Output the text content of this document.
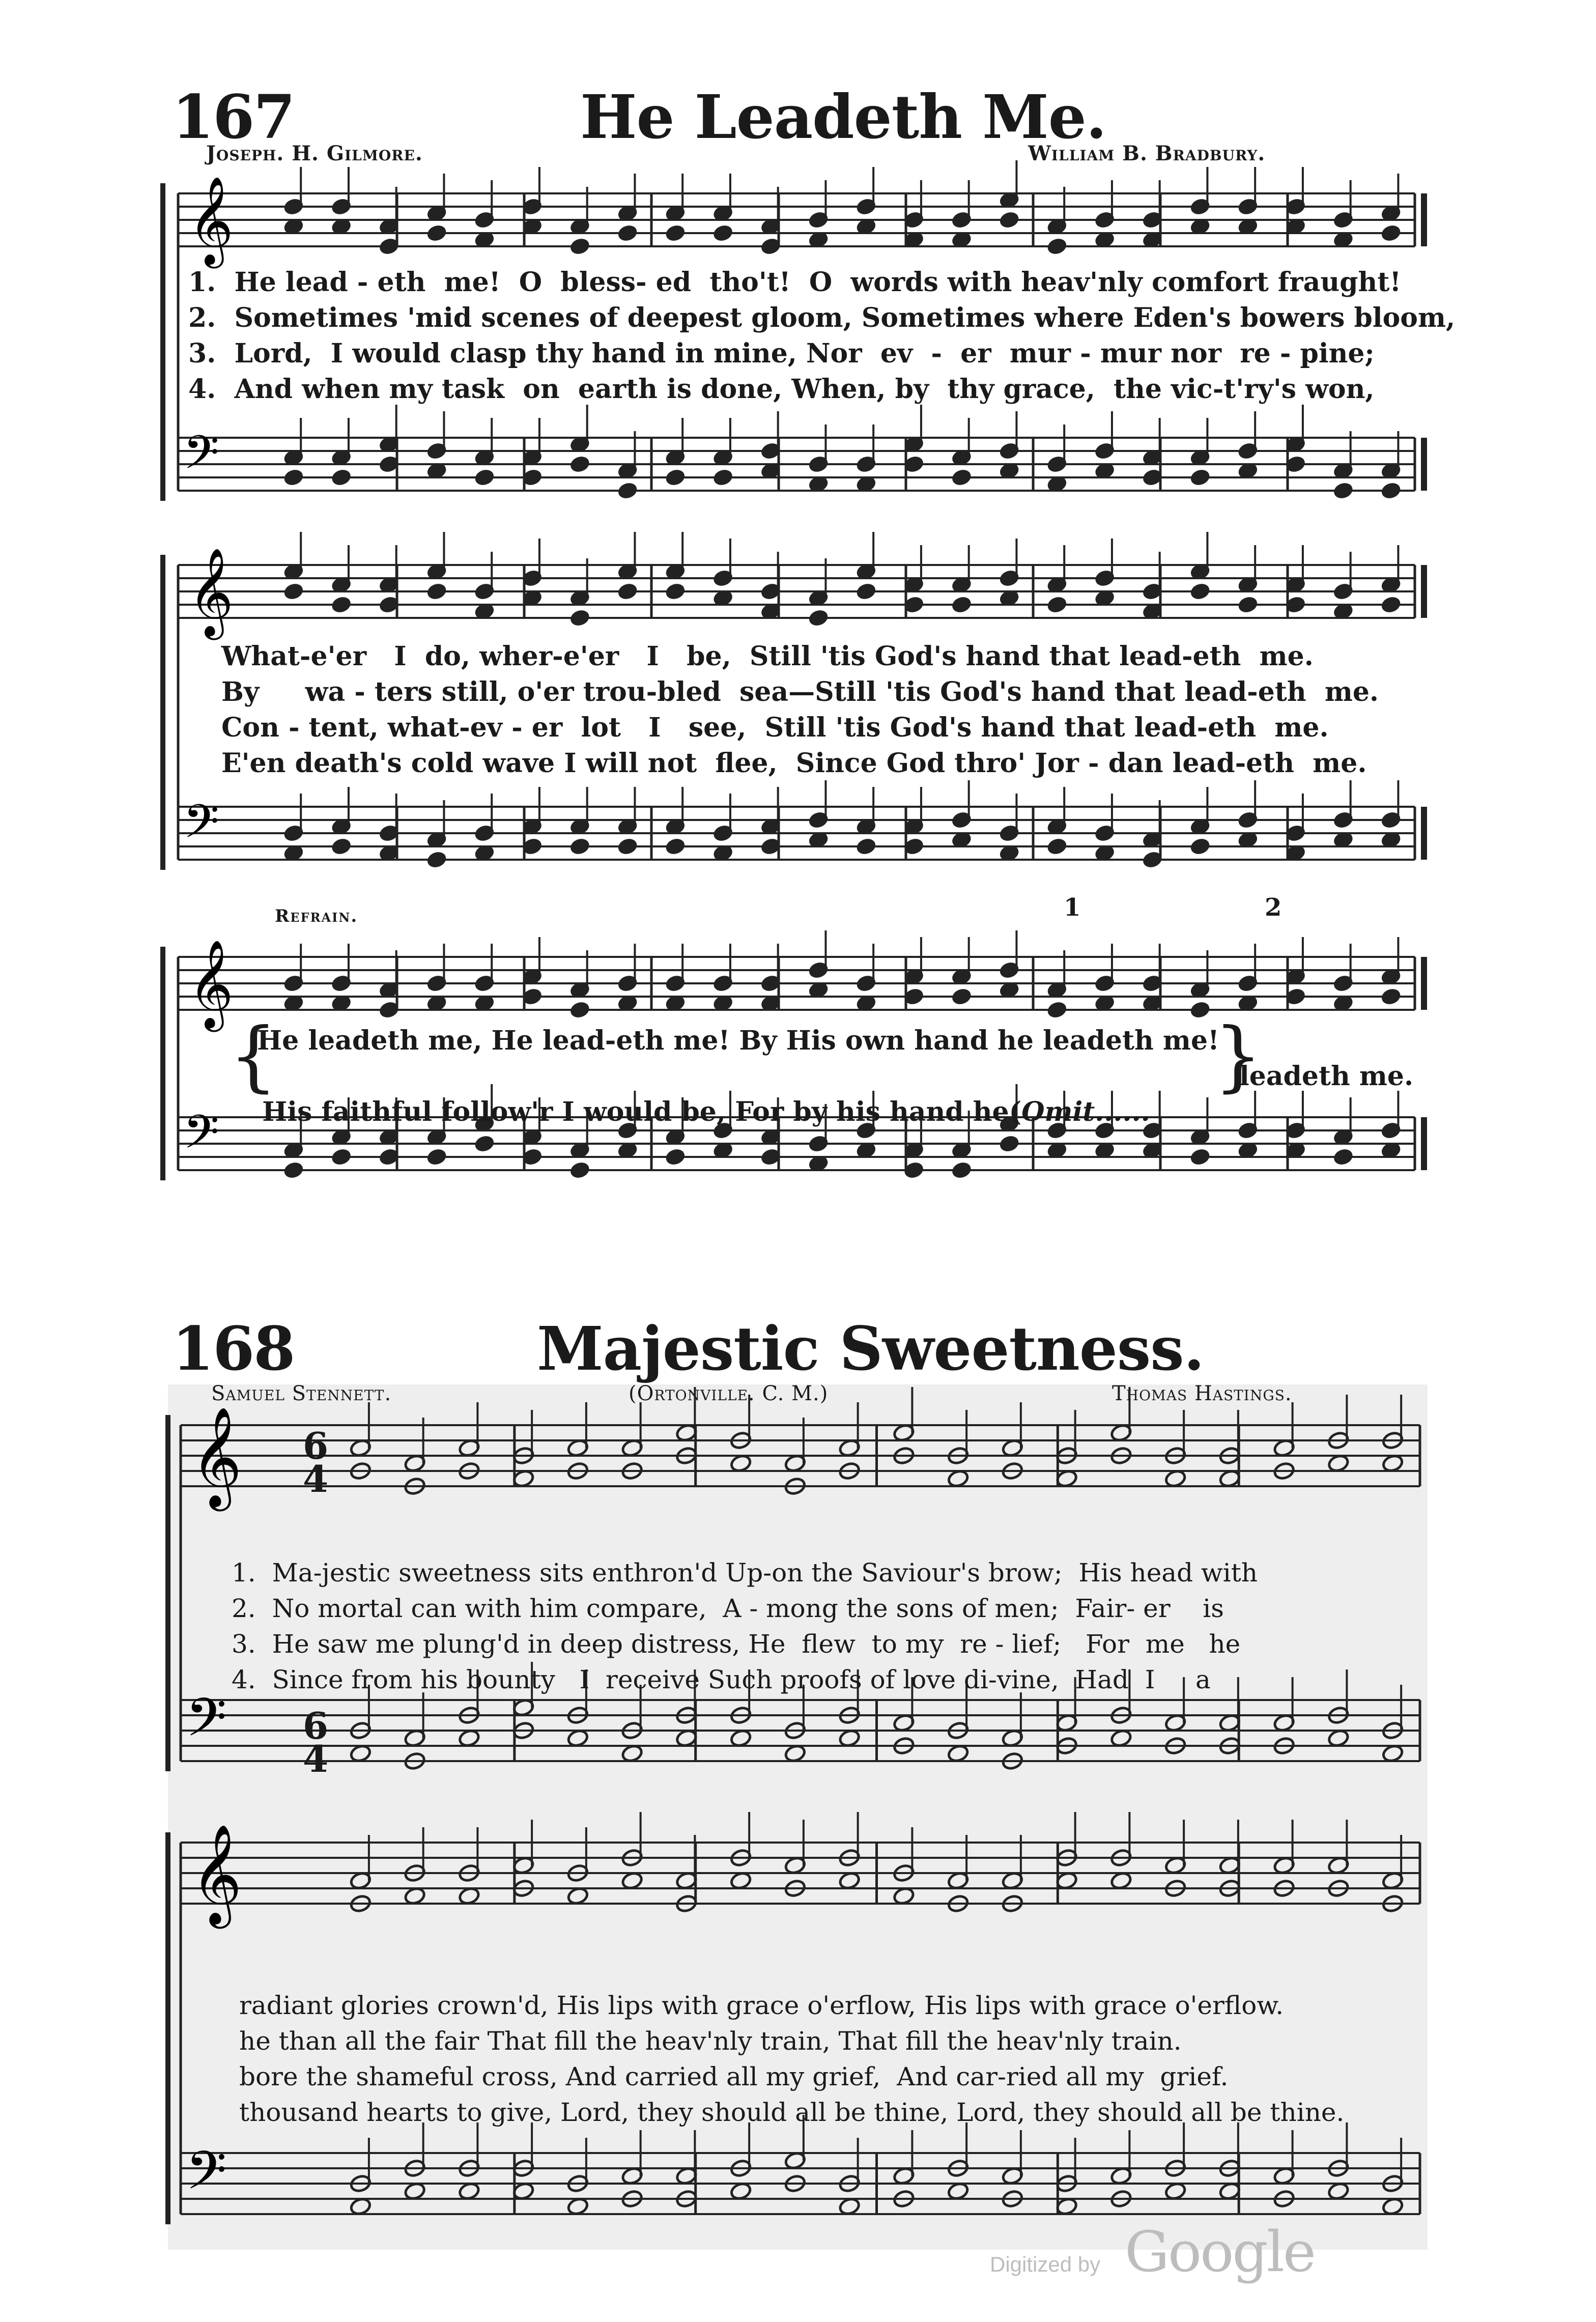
167	He Leadeth Me.
Joseph. H. Gilmore.	William B. Bradbury.
𝄞
𝄢
𝄞
𝄢
𝄞
𝄢
1.  He lead - eth  me!  O  bless- ed  tho't!  O  words with heav'nly comfort fraught!
2.  Sometimes 'mid scenes of deepest gloom, Sometimes where Eden's bowers bloom,
3.  Lord,  I would clasp thy hand in mine, Nor  ev  -  er  mur - mur nor  re - pine;
4.  And when my task  on  earth is done, When, by  thy grace,  the vic-t'ry's won,
What-e'er   I  do, wher-e'er   I   be,  Still 'tis God's hand that lead-eth  me.
By     wa - ters still, o'er trou-bled  sea—Still 'tis God's hand that lead-eth  me.
Con - tent, what-ev - er  lot   I   see,  Still 'tis God's hand that lead-eth  me.
E'en death's cold wave I will not  flee,  Since God thro' Jor - dan lead-eth  me.
Refrain.	1	2
{
He leadeth me, He lead-eth me! By His own hand he leadeth me!

His faithful follow'r I would be, For by his hand he(Omit......

}
leadeth me.
168	Majestic Sweetness.
Samuel Stennett.	(Ortonville. C. M.)	Thomas Hastings.
𝄞
𝄢
𝄞
𝄢
1.  Ma-jestic sweetness sits enthron'd Up-on the Saviour's brow;  His head with
2.  No mortal can with him compare,  A - mong the sons of men;  Fair- er    is
3.  He saw me plung'd in deep distress, He  flew  to my  re - lief;   For  me   he
4.  Since from his bounty   I  receive Such proofs of love di-vine,  Had  I     a
radiant glories crown'd, His lips with grace o'erflow, His lips with grace o'erflow.
he than all the fair That fill the heav'nly train, That fill the heav'nly train.
bore the shameful cross, And carried all my grief,  And car-ried all my  grief.
thousand hearts to give, Lord, they should all be thine, Lord, they should all be thine.
6
4
6
4
Digitized by Google
